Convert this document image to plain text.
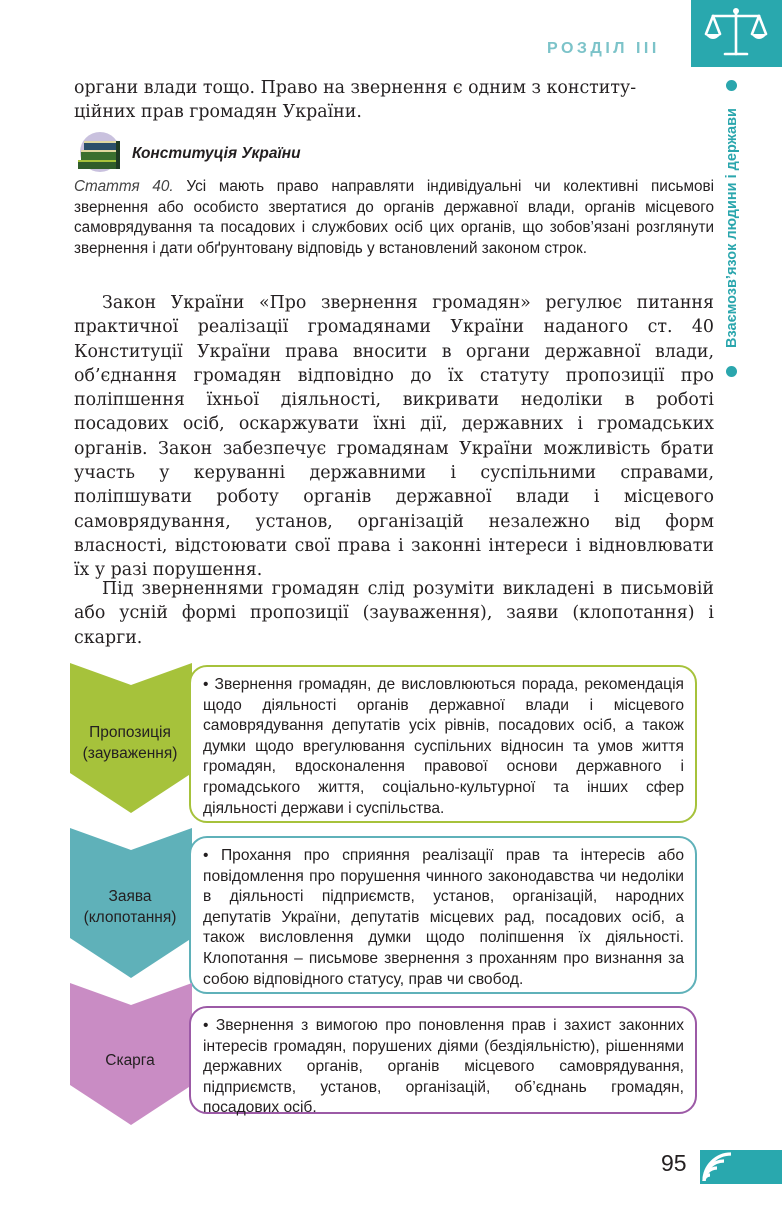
РОЗДІЛ ІІІ
Взаємозв’язок людини і держави
органи влади тощо. Право на звернення є одним з конститу-
ційних прав громадян України.
Конституція України

Стаття 40. Усі мають право направляти індивідуальні чи колективні письмові звернення або особисто звертатися до органів державної влади, органів місцевого самоврядування та посадових і службових осіб цих органів, що зобов’язані розглянути звернення і дати обґрунтовану відповідь у встановлений законом строк.

Закон України «Про звернення громадян» регулює питання практичної реалізації громадянами України наданого ст. 40 Конституції України права вносити в органи державної влади, об’єднання громадян відповідно до їх статуту пропозиції про поліпшення їхньої діяльності, викривати недоліки в роботі посадових осіб, оскаржувати їхні дії, державних і громадських органів. Закон забезпечує громадянам України можливість брати участь у керуванні державними і суспільними справами, поліпшувати роботу органів державної влади і місцевого самоврядування, установ, організацій незалежно від форм власності, відстоювати свої права і законні інтереси і відновлювати їх у разі порушення.

Під зверненнями громадян слід розуміти викладені в письмовій або усній формі пропозиції (зауваження), заяви (клопотання) і скарги.

Пропозиція
(зауваження)
• Звернення громадян, де висловлюються порада, рекомендація щодо діяльності органів державної влади і місцевого самоврядування депутатів усіх рівнів, посадових осіб, а також думки щодо врегулювання суспільних відносин та умов життя громадян, вдосконалення правової основи державного і громадського життя, соціально-культурної та інших сфер діяльності держави і суспільства.
Заява
(клопотання)
• Прохання про сприяння реалізації прав та інтересів або повідомлення про порушення чинного законодавства чи недоліки в діяльності підприємств, установ, організацій, народних депутатів України, депутатів місцевих рад, посадових осіб, а також висловлення думки щодо поліпшення їх діяльності. Клопотання – письмове звернення з проханням про визнання за собою відповідного статусу, прав чи свобод.
Скарга
• Звернення з вимогою про поновлення прав і захист законних інтересів громадян, порушених діями (бездіяльністю), рішеннями державних органів, органів місцевого самоврядування, підприємств, установ, організацій, об’єднань громадян, посадових осіб.
95
